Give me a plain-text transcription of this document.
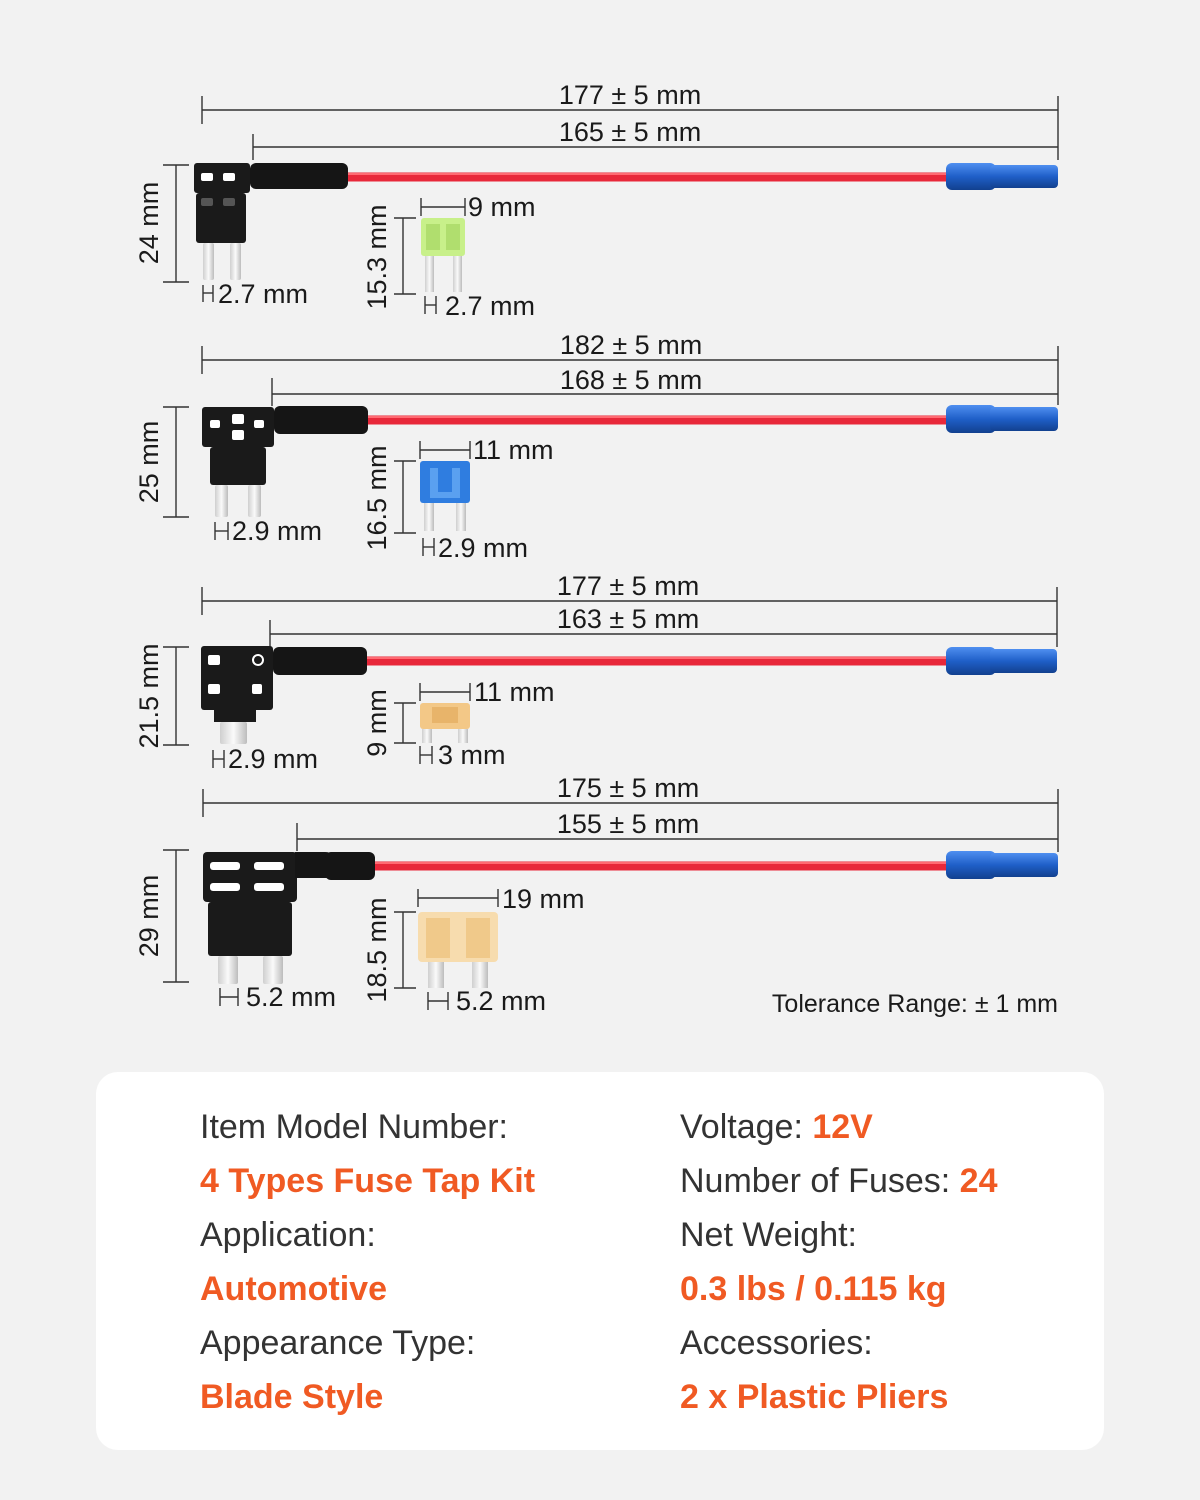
177 ± 5 mm
165 ± 5 mm
24 mm
2.7 mm
9 mm
15.3 mm 2.7 mm
182 ± 5 mm
168 ± 5 mm
25 mm
2.9 mm
11 mm
16.5 mm 2.9 mm
177 ± 5 mm
163 ± 5 mm
21.5 mm
2.9 mm
11 mm
9 mm 3 mm
175 ± 5 mm
155 ± 5 mm
29 mm
5.2 mm
19 mm
18.5 mm 5.2 mm	Tolerance Range: ± 1 mm
Item Model Number:
4 Types Fuse Tap Kit
Application:
Automotive
Appearance Type:
Blade Style
Voltage: 12V
Number of Fuses: 24
Net Weight:
0.3 lbs / 0.115 kg
Accessories:
2 x Plastic Pliers
